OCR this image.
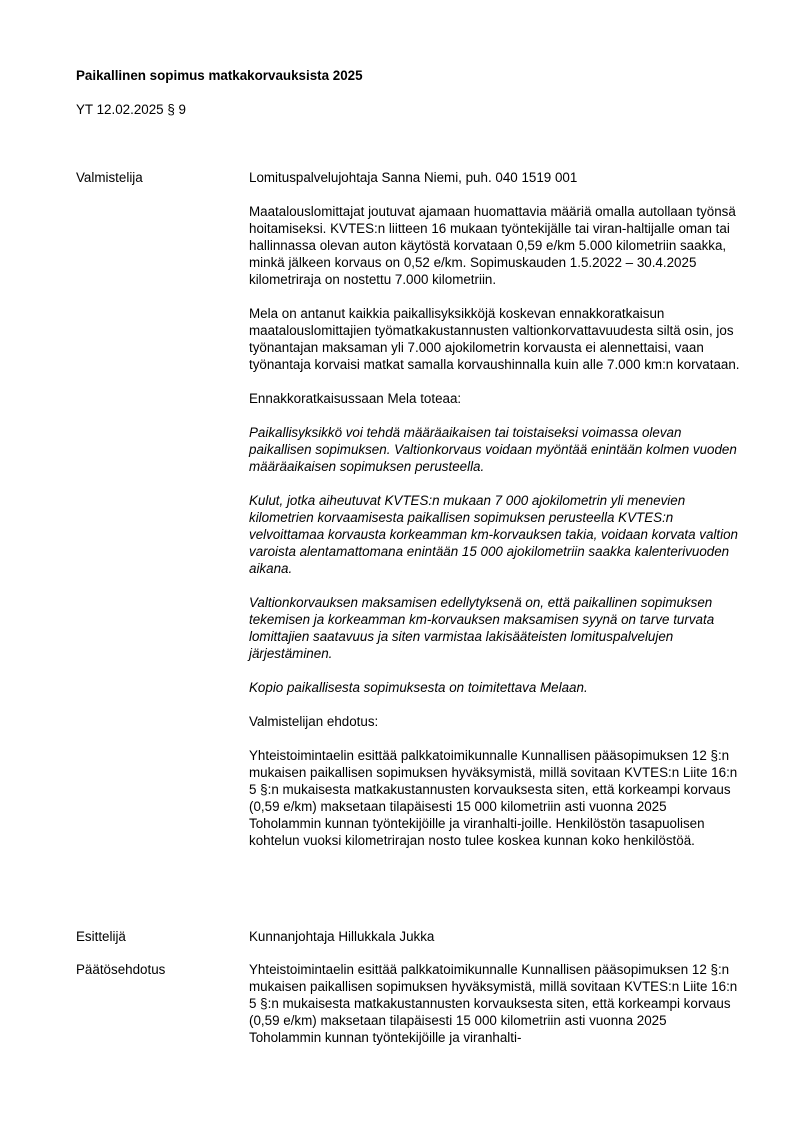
Paikallinen sopimus matkakorvauksista 2025
YT 12.02.2025 § 9
Valmistelija	Lomituspalvelujohtaja Sanna Niemi, puh. 040 1519 001

Maatalouslomittajat joutuvat ajamaan huomattavia määriä omalla autollaan työnsä hoitamiseksi. KVTES:n liitteen 16 mukaan työntekijälle tai viran-haltijalle oman tai hallinnassa olevan auton käytöstä korvataan 0,59 e/km 5.000 kilometriin saakka, minkä jälkeen korvaus on 0,52 e/km. Sopimuskauden 1.5.2022 – 30.4.2025 kilometriraja on nostettu 7.000 kilometriin.

Mela on antanut kaikkia paikallisyksikköjä koskevan ennakkoratkaisun maatalouslomittajien työmatkakustannusten valtionkorvattavuudesta siltä osin, jos työnantajan maksaman yli 7.000 ajokilometrin korvausta ei alennettaisi, vaan työnantaja korvaisi matkat samalla korvaushinnalla kuin alle 7.000 km:n korvataan.

Ennakkoratkaisussaan Mela toteaa:

Paikallisyksikkö voi tehdä määräaikaisen tai toistaiseksi voimassa olevan paikallisen sopimuksen. Valtionkorvaus voidaan myöntää enintään kolmen vuoden määräaikaisen sopimuksen perusteella.

Kulut, jotka aiheutuvat KVTES:n mukaan 7 000 ajokilometrin yli menevien kilometrien korvaamisesta paikallisen sopimuksen perusteella KVTES:n velvoittamaa korvausta korkeamman km-korvauksen takia, voidaan korvata valtion varoista alentamattomana enintään 15 000 ajokilometriin saakka kalenterivuoden aikana.

Valtionkorvauksen maksamisen edellytyksenä on, että paikallinen sopimuksen tekemisen ja korkeamman km-korvauksen maksamisen syynä on tarve turvata lomittajien saatavuus ja siten varmistaa lakisääteisten lomituspalvelujen järjestäminen.

Kopio paikallisesta sopimuksesta on toimitettava Melaan.

Valmistelijan ehdotus:

Yhteistoimintaelin esittää palkkatoimikunnalle Kunnallisen pääsopimuksen 12 §:n mukaisen paikallisen sopimuksen hyväksymistä, millä sovitaan KVTES:n Liite 16:n 5 §:n mukaisesta matkakustannusten korvauksesta siten, että korkeampi korvaus (0,59 e/km) maksetaan tilapäisesti 15 000 kilometriin asti vuonna 2025 Toholammin kunnan työntekijöille ja viranhalti-joille. Henkilöstön tasapuolisen kohtelun vuoksi kilometrirajan nosto tulee koskea kunnan koko henkilöstöä.

Esittelijä	Kunnanjohtaja Hillukkala Jukka
Päätösehdotus	Yhteistoimintaelin esittää palkkatoimikunnalle Kunnallisen pääsopimuksen 12 §:n mukaisen paikallisen sopimuksen hyväksymistä, millä sovitaan KVTES:n Liite 16:n 5 §:n mukaisesta matkakustannusten korvauksesta siten, että korkeampi korvaus (0,59 e/km) maksetaan tilapäisesti 15 000 kilometriin asti vuonna 2025 Toholammin kunnan työntekijöille ja viranhalti-
